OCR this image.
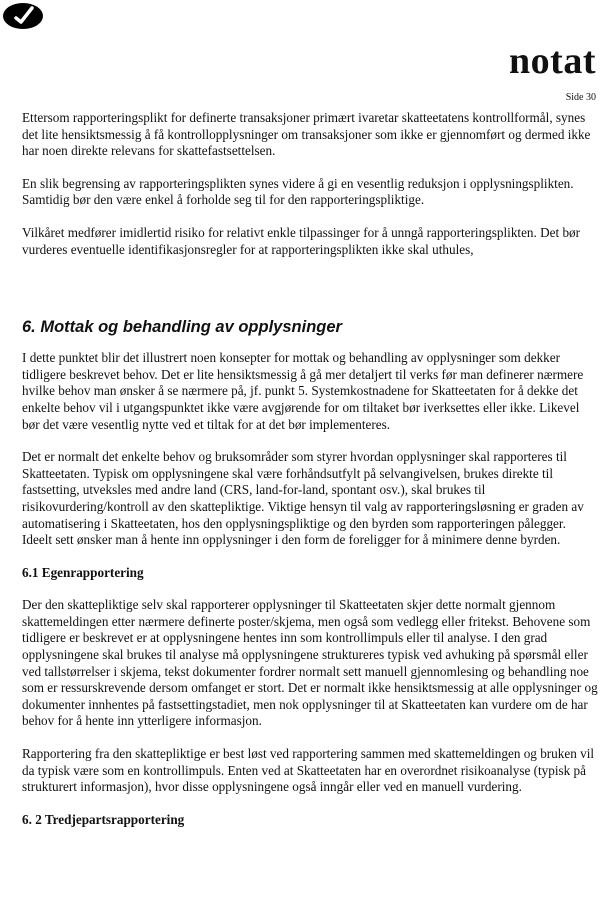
notat
Side 30

Ettersom rapporteringsplikt for definerte transaksjoner primært ivaretar skatteetatens kontrollformål, synes det lite hensiktsmessig å få kontrollopplysninger om transaksjoner som ikke er gjennomført og dermed ikke har noen direkte relevans for skattefastsettelsen.

En slik begrensing av rapporteringsplikten synes videre å gi en vesentlig reduksjon i opplysningsplikten. Samtidig bør den være enkel å forholde seg til for den rapporteringspliktige.

Vilkåret medfører imidlertid risiko for relativt enkle tilpassinger for å unngå rapporteringsplikten. Det bør vurderes eventuelle identifikasjonsregler for at rapporteringsplikten ikke skal uthules,

6. Mottak og behandling av opplysninger

I dette punktet blir det illustrert noen konsepter for mottak og behandling av opplysninger som dekker tidligere beskrevet behov. Det er lite hensiktsmessig å gå mer detaljert til verks før man definerer nærmere hvilke behov man ønsker å se nærmere på, jf. punkt 5. Systemkostnadene for Skatteetaten for å dekke det enkelte behov vil i utgangspunktet ikke være avgjørende for om tiltaket bør iverksettes eller ikke. Likevel bør det være vesentlig nytte ved et tiltak for at det bør implementeres.

Det er normalt det enkelte behov og bruksområder som styrer hvordan opplysninger skal rapporteres til Skatteetaten. Typisk om opplysningene skal være forhåndsutfylt på selvangivelsen, brukes direkte til fastsetting, utveksles med andre land (CRS, land-for-land, spontant osv.), skal brukes til risikovurdering/kontroll av den skattepliktige. Viktige hensyn til valg av rapporteringsløsning er graden av automatisering i Skatteetaten, hos den opplysningspliktige og den byrden som rapporteringen pålegger. Ideelt sett ønsker man å hente inn opplysninger i den form de foreligger for å minimere denne byrden.

6.1 Egenrapportering

Der den skattepliktige selv skal rapporterer opplysninger til Skatteetaten skjer dette normalt gjennom skattemeldingen etter nærmere definerte poster/skjema, men også som vedlegg eller fritekst. Behovene som tidligere er beskrevet er at opplysningene hentes inn som kontrollimpuls eller til analyse. I den grad opplysningene skal brukes til analyse må opplysningene struktureres typisk ved avhuking på spørsmål eller ved tallstørrelser i skjema, tekst dokumenter fordrer normalt sett manuell gjennomlesing og behandling noe som er ressurskrevende dersom omfanget er stort. Det er normalt ikke hensiktsmessig at alle opplysninger og dokumenter innhentes på fastsettingstadiet, men nok opplysninger til at Skatteetaten kan vurdere om de har behov for å hente inn ytterligere informasjon.

Rapportering fra den skattepliktige er best løst ved rapportering sammen med skattemeldingen og bruken vil da typisk være som en kontrollimpuls. Enten ved at Skatteetaten har en overordnet risikoanalyse (typisk på strukturert informasjon), hvor disse opplysningene også inngår eller ved en manuell vurdering.

6. 2 Tredjepartsrapportering
